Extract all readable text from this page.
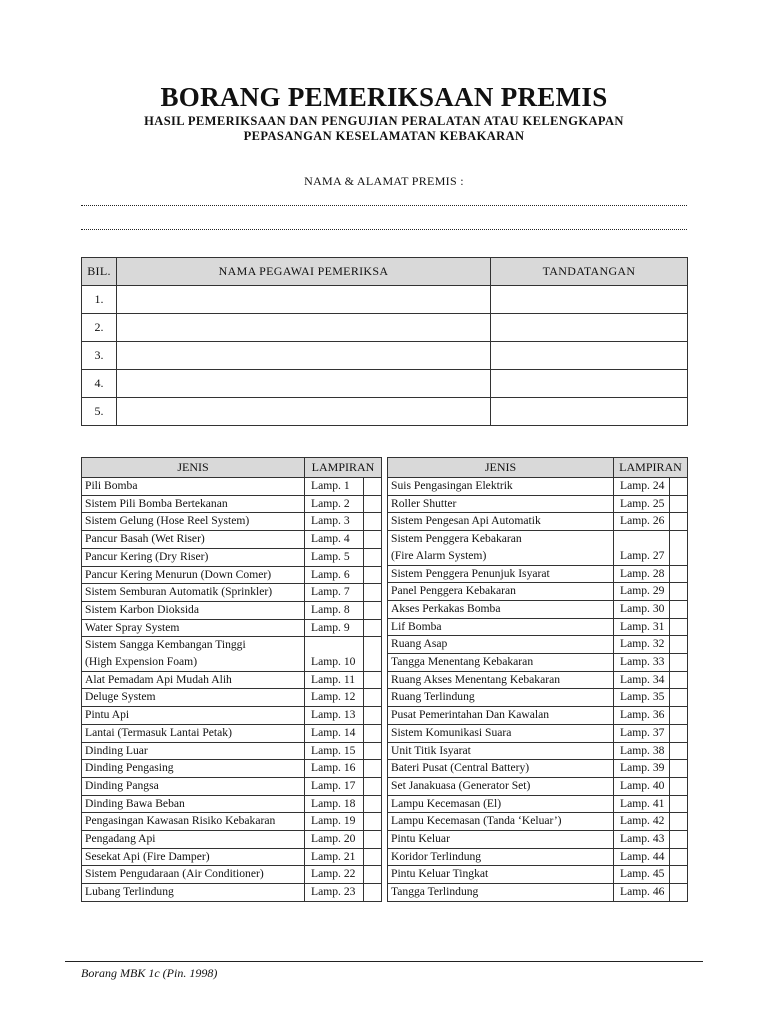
BORANG PEMERIKSAAN PREMIS
HASIL PEMERIKSAAN DAN PENGUJIAN PERALATAN ATAU KELENGKAPAN
PEPASANGAN KESELAMATAN KEBAKARAN
NAMA & ALAMAT PREMIS :
BIL.	NAMA PEGAWAI PEMERIKSA	TANDATANGAN
1.		
2.		
3.		
4.		
5.		
JENIS	LAMPIRAN	
Pili Bomba	Lamp. 1	
Sistem Pili Bomba Bertekanan	Lamp. 2	
Sistem Gelung (Hose Reel System)	Lamp. 3	
Pancur Basah (Wet Riser)	Lamp. 4	
Pancur Kering (Dry Riser)	Lamp. 5	
Pancur Kering Menurun (Down Comer)	Lamp. 6	
Sistem Semburan Automatik (Sprinkler)	Lamp. 7	
Sistem Karbon Dioksida	Lamp. 8	
Water Spray System	Lamp. 9	
Sistem Sangga Kembangan Tinggi		
(High Expension Foam)	Lamp. 10	
Alat Pemadam Api Mudah Alih	Lamp. 11	
Deluge System	Lamp. 12	
Pintu Api	Lamp. 13	
Lantai (Termasuk Lantai Petak)	Lamp. 14	
Dinding Luar	Lamp. 15	
Dinding Pengasing	Lamp. 16	
Dinding Pangsa	Lamp. 17	
Dinding Bawa Beban	Lamp. 18	
Pengasingan Kawasan Risiko Kebakaran	Lamp. 19	
Pengadang Api	Lamp. 20	
Sesekat Api (Fire Damper)	Lamp. 21	
Sistem Pengudaraan (Air Conditioner)	Lamp. 22	
Lubang Terlindung	Lamp. 23	
JENIS	LAMPIRAN	
Suis Pengasingan Elektrik	Lamp. 24	
Roller Shutter	Lamp. 25	
Sistem Pengesan Api Automatik	Lamp. 26	
Sistem Penggera Kebakaran		
(Fire Alarm System)	Lamp. 27	
Sistem Penggera Penunjuk Isyarat	Lamp. 28	
Panel Penggera Kebakaran	Lamp. 29	
Akses Perkakas Bomba	Lamp. 30	
Lif Bomba	Lamp. 31	
Ruang Asap	Lamp. 32	
Tangga Menentang Kebakaran	Lamp. 33	
Ruang Akses Menentang Kebakaran	Lamp. 34	
Ruang Terlindung	Lamp. 35	
Pusat Pemerintahan Dan Kawalan	Lamp. 36	
Sistem Komunikasi Suara	Lamp. 37	
Unit Titik Isyarat	Lamp. 38	
Bateri Pusat (Central Battery)	Lamp. 39	
Set Janakuasa (Generator Set)	Lamp. 40	
Lampu Kecemasan (El)	Lamp. 41	
Lampu Kecemasan (Tanda ‘Keluar’)	Lamp. 42	
Pintu Keluar	Lamp. 43	
Koridor Terlindung	Lamp. 44	
Pintu Keluar Tingkat	Lamp. 45	
Tangga Terlindung	Lamp. 46	
Borang MBK 1c (Pin. 1998)
